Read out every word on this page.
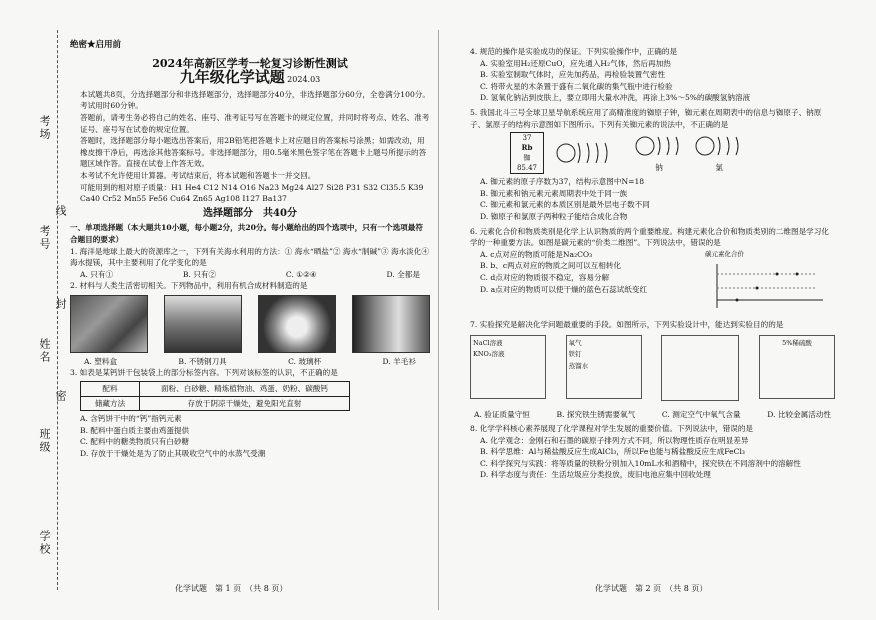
考场
考号
姓名
班级
学校
密
封
线
绝密★启用前
2024年高新区学考一轮复习诊断性测试
九年级化学试题 2024.03

本试题共8页，分选择题部分和非选择题部分，选择题部分40分，非选择题部分60分，全卷满分100分。考试用时60分钟。

答题前，请考生务必将自己的姓名、座号、准考证号写在答题卡的规定位置，并同时将考点、姓名、准考证号、座号写在试卷的规定位置。

答题时，选择题部分每小题选出答案后，用2B铅笔把答题卡上对应题目的答案标号涂黑；如需改动，用橡皮擦干净后，再选涂其他答案标号。非选择题部分，用0.5毫米黑色签字笔在答题卡上题号所提示的答题区域作答。直接在试卷上作答无效。

本考试不允许使用计算器。考试结束后，将本试题和答题卡一并交回。

可能用到的相对原子质量：H1 He4 C12 N14 O16 Na23 Mg24 Al27 Si28 P31 S32 Cl35.5 K39 Ca40 Cr52 Mn55 Fe56 Cu64 Zn65 Ag108 I127 Ba137

选择题部分　共40分

一、单项选择题（本大题共10小题，每小题2分，共20分。每小题给出的四个选项中，只有一个选项最符合题目的要求）

1. 海洋是地球上最大的资源库之一，下列有关海水利用的方法：① 海水“晒盐”② 海水“制碱”③ 海水淡化④ 海水提镁，其中主要利用了化学变化的是

A. 只有①	B. 只有②	C. ①②④	D. 全都是

2. 材料与人类生活密切相关。下列物品中，利用有机合成材料制造的是

A. 塑料盒	B. 不锈钢刀具	C. 玻璃杯	D. 羊毛衫

3. 如表是某钙饼干包装袋上的部分标签内容。下列对该标签的认识，不正确的是

配料	面粉、白砂糖、精炼植物油、鸡蛋、奶粉、碳酸钙
储藏方法	存放于阴凉干燥处，避免阳光直射

A. 含钙饼干中的“钙”指钙元素

B. 配料中蛋白质主要由鸡蛋提供

C. 配料中的糖类物质只有白砂糖

D. 存放于干燥处是为了防止其吸收空气中的水蒸气受潮

4. 规范的操作是实验成功的保证。下列实验操作中，正确的是

A. 实验室用H₂还原CuO，应先通入H₂气体，然后再加热

B. 实验室制取气体时，应先加药品，再检验装置气密性

C. 将带火星的木条置于盛有二氧化碳的集气瓶中进行检验

D. 氢氧化钠沾到皮肤上，要立即用大量水冲洗，再涂上3%～5%的碳酸氢钠溶液

5. 我国北斗三号全球卫星导航系统应用了高精准度的铷原子钟，铷元素在周期表中的信息与铷原子、钠原子、氯原子的结构示意图如下图所示。下列有关铷元素的说法中，不正确的是

37
Rb
铷
85.47	钠	氯

A. 铷元素的原子序数为37，结构示意图中N=18

B. 铷元素和钠元素元素周期表中处于同一族

C. 铷元素和氯元素的本质区别是最外层电子数不同

D. 铷原子和氯原子两种粒子能结合成化合物

6. 元素化合价和物质类别是化学上认识物质的两个重要维度。构建元素化合价和物质类别的二维图是学习化学的一种重要方法。如图是碳元素的“价类二维图”。下列说法中，错误的是

A. c点对应的物质可能是Na₂CO₃

B. b、c两点对应的物质之间可以互相转化

C. d点对应的物质很不稳定，容易分解

D. a点对应的物质可以使干燥的蓝色石蕊试纸变红

碳元素化合价

7. 实验探究是解决化学问题最重要的手段。如图所示，下列实验设计中，能达到实验目的的是

NaCl溶液
KNO₃溶液
氧气
铁钉
蒸馏水
5%稀硫酸
A. 验证质量守恒	B. 探究铁生锈需要氧气	C. 测定空气中氧气含量	D. 比较金属活动性

8. 化学学科核心素养展现了化学课程对学生发展的重要价值。下列说法中，错误的是

A. 化学观念：金刚石和石墨的碳原子排列方式不同，所以物理性质存在明显差异

B. 科学思维：Al与稀盐酸反应生成AlCl₃，所以Fe也能与稀盐酸反应生成FeCl₃

C. 科学探究与实践：将等质量的铁粉分别加入10mL水和酒精中，探究铁在不同溶剂中的溶解性

D. 科学态度与责任：生活垃圾应分类投放，废旧电池应集中回收处理

化学试题　第 1 页　（共 8 页）	化学试题　第 2 页　（共 8 页）
